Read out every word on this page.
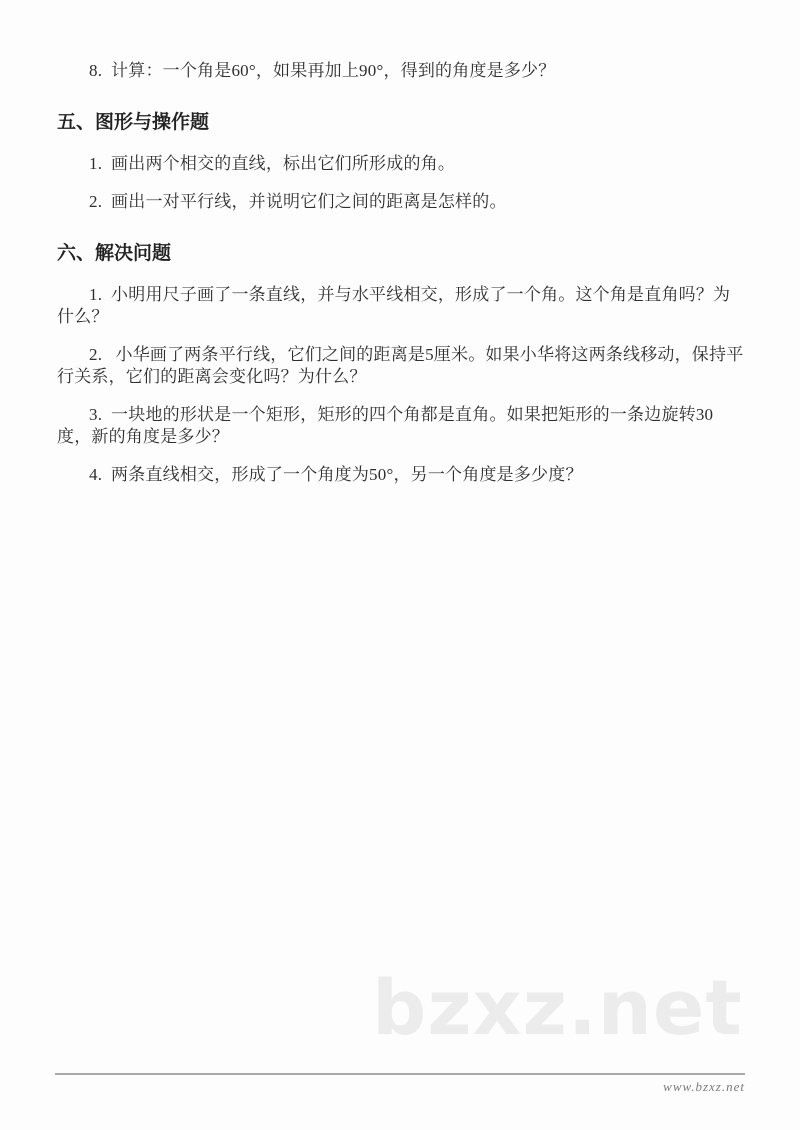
8.  计算：一个角是60°，如果再加上90°，得到的角度是多少？

五、图形与操作题

1.  画出两个相交的直线，标出它们所形成的角。

2.  画出一对平行线，并说明它们之间的距离是怎样的。

六、解决问题

1.  小明用尺子画了一条直线，并与水平线相交，形成了一个角。这个角是直角吗？为什么？

2.   小华画了两条平行线，它们之间的距离是5厘米。如果小华将这两条线移动，保持平行关系，它们的距离会变化吗？为什么？

3.  一块地的形状是一个矩形，矩形的四个角都是直角。如果把矩形的一条边旋转30度，新的角度是多少？

4.  两条直线相交，形成了一个角度为50°，另一个角度是多少度？

bzxz.net
www.bzxz.net
